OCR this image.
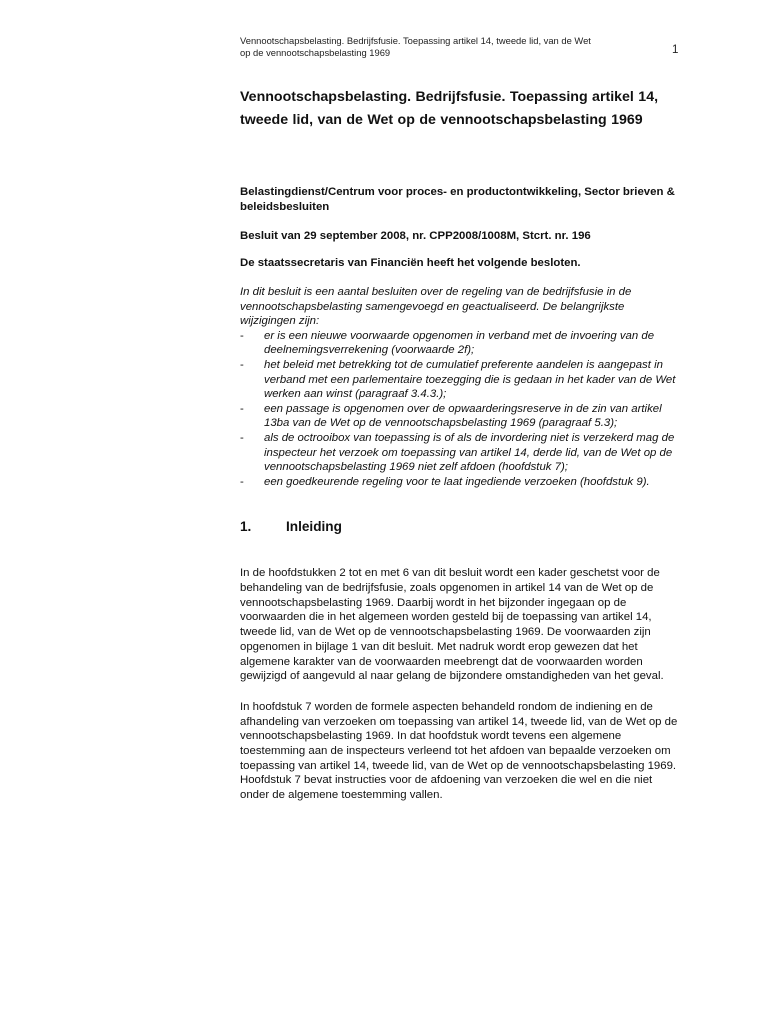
Vennootschapsbelasting. Bedrijfsfusie. Toepassing artikel 14, tweede lid, van de Wet
op de vennootschapsbelasting 1969	1
Vennootschapsbelasting. Bedrijfsfusie. Toepassing artikel 14, tweede lid, van de Wet op de vennootschapsbelasting 1969

Belastingdienst/Centrum voor proces- en productontwikkeling, Sector brieven & beleidsbesluiten

Besluit van 29 september 2008, nr. CPP2008/1008M, Stcrt. nr. 196

De staatssecretaris van Financiën heeft het volgende besloten.

In dit besluit is een aantal besluiten over de regeling van de bedrijfsfusie in de vennootschapsbelasting samengevoegd en geactualiseerd. De belangrijkste wijzigingen zijn:

- er is een nieuwe voorwaarde opgenomen in verband met de invoering van de deelnemingsverrekening (voorwaarde 2f);
- het beleid met betrekking tot de cumulatief preferente aandelen is aangepast in verband met een parlementaire toezegging die is gedaan in het kader van de Wet werken aan winst (paragraaf 3.4.3.);
- een passage is opgenomen over de opwaarderingsreserve in de zin van artikel 13ba van de Wet op de vennootschapsbelasting 1969 (paragraaf 5.3);
- als de octrooibox van toepassing is of als de invordering niet is verzekerd mag de inspecteur het verzoek om toepassing van artikel 14, derde lid, van de Wet op de vennootschapsbelasting 1969 niet zelf afdoen (hoofdstuk 7);
- een goedkeurende regeling voor te laat ingediende verzoeken (hoofdstuk 9).
1.	Inleiding

In de hoofdstukken 2 tot en met 6 van dit besluit wordt een kader geschetst voor de behandeling van de bedrijfsfusie, zoals opgenomen in artikel 14 van de Wet op de vennootschapsbelasting 1969. Daarbij wordt in het bijzonder ingegaan op de voorwaarden die in het algemeen worden gesteld bij de toepassing van artikel 14, tweede lid, van de Wet op de vennootschapsbelasting 1969. De voorwaarden zijn opgenomen in bijlage 1 van dit besluit. Met nadruk wordt erop gewezen dat het algemene karakter van de voorwaarden meebrengt dat de voorwaarden worden gewijzigd of aangevuld al naar gelang de bijzondere omstandigheden van het geval.

In hoofdstuk 7 worden de formele aspecten behandeld rondom de indiening en de afhandeling van verzoeken om toepassing van artikel 14, tweede lid, van de Wet op de vennootschapsbelasting 1969. In dat hoofdstuk wordt tevens een algemene toestemming aan de inspecteurs verleend tot het afdoen van bepaalde verzoeken om toepassing van artikel 14, tweede lid, van de Wet op de vennootschapsbelasting 1969. Hoofdstuk 7 bevat instructies voor de afdoening van verzoeken die wel en die niet onder de algemene toestemming vallen.
